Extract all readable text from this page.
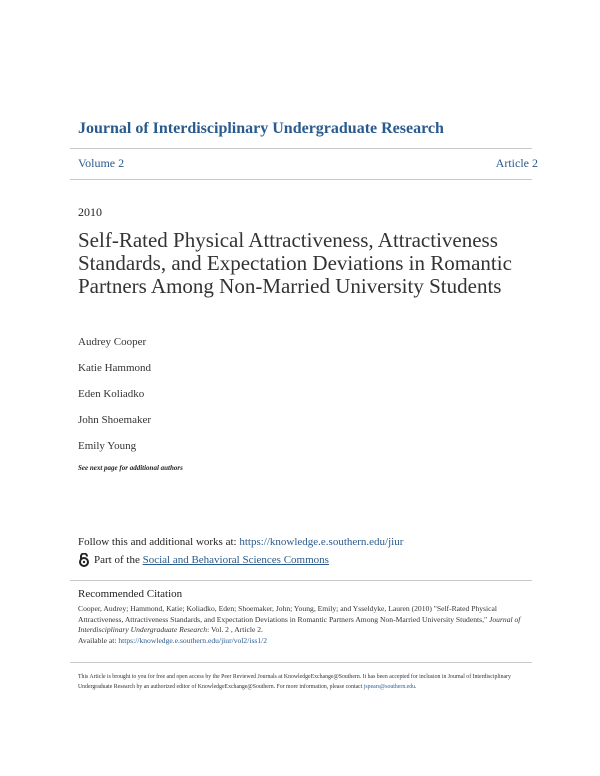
Journal of Interdisciplinary Undergraduate Research
Volume 2	Article 2
2010
Self-Rated Physical Attractiveness, Attractiveness Standards, and Expectation Deviations in Romantic Partners Among Non-Married University Students
Audrey Cooper
Katie Hammond
Eden Koliadko
John Shoemaker
Emily Young
See next page for additional authors
Follow this and additional works at: https://knowledge.e.southern.edu/jiur
Part of the
Social and Behavioral Sciences Commons
Recommended Citation
Cooper, Audrey; Hammond, Katie; Koliadko, Eden; Shoemaker, John; Young, Emily; and Ysseldyke, Lauren (2010) "Self-Rated Physical Attractiveness, Attractiveness Standards, and Expectation Deviations in Romantic Partners Among Non-Married University Students," Journal of Interdisciplinary Undergraduate Research: Vol. 2 , Article 2.
Available at: https://knowledge.e.southern.edu/jiur/vol2/iss1/2
This Article is brought to you for free and open access by the Peer Reviewed Journals at KnowledgeExchange@Southern. It has been accepted for inclusion in Journal of Interdisciplinary Undergraduate Research by an authorized editor of KnowledgeExchange@Southern. For more information, please contact jspears@southern.edu.
